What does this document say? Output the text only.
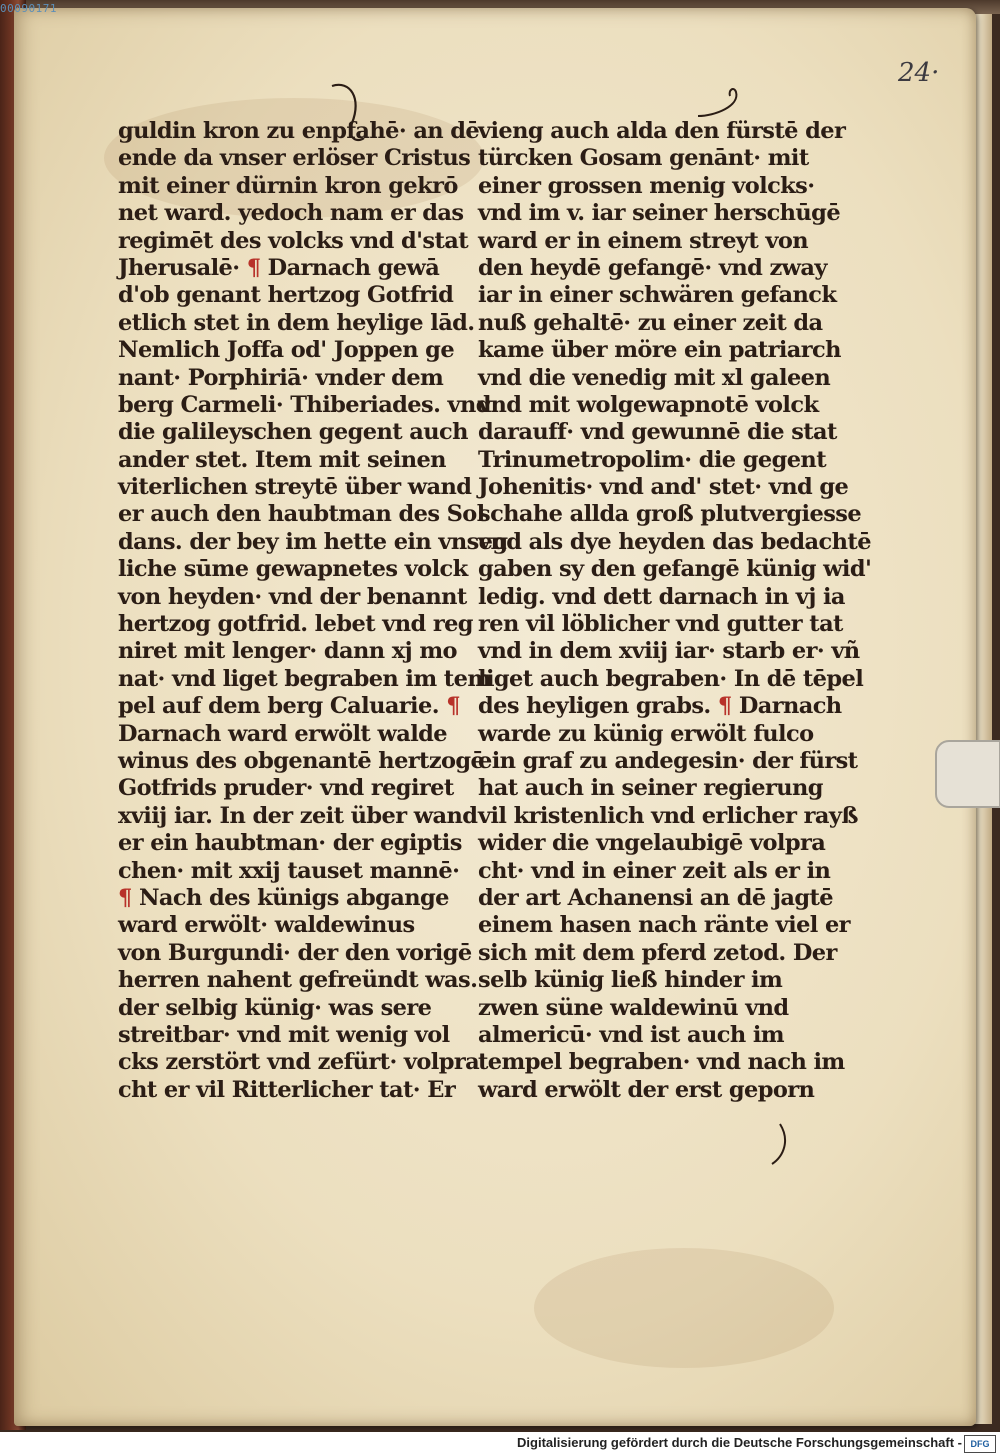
00090171
24·
guldin kron zu enpfahē· an dē
ende da vnser erlöser Cristus
mit einer dürnin kron gekrō
net ward. yedoch nam er das
regimēt des volcks vnd d'stat
Jherusalē· ¶ Darnach gewā
d'ob genant hertzog Gotfrid
etlich stet in dem heylige lād.
Nemlich Joffa od' Joppen ge
nant· Porphiriā· vnder dem
berg Carmeli· Thiberiades. vnd
die galileyschen gegent auch
ander stet. Item mit seinen
viterlichen streytē über wand
er auch den haubtman des Sol
dans. der bey im hette ein vnseg
liche sūme gewapnetes volck
von heyden· vnd der benannt
hertzog gotfrid. lebet vnd reg
niret mit lenger· dann xj mo
nat· vnd liget begraben im tem
pel auf dem berg Caluarie. ¶
Darnach ward erwölt walde
winus des obgenantē hertzogē
Gotfrids pruder· vnd regiret
xviij iar. In der zeit über wand
er ein haubtman· der egiptis
chen· mit xxij tauset mannē·
¶ Nach des künigs abgange
ward erwölt· waldewinus
von Burgundi· der den vorigē
herren nahent gefreündt was.
der selbig künig· was sere
streitbar· vnd mit wenig vol
cks zerstört vnd zefürt· volpra
cht er vil Ritterlicher tat· Er
vieng auch alda den fürstē der
türcken Gosam genānt· mit
einer grossen menig volcks·
vnd im v. iar seiner herschūgē
ward er in einem streyt von
den heydē gefangē· vnd zway
iar in einer schwären gefanck
nuß gehaltē· zu einer zeit da
kame über möre ein patriarch
vnd die venedig mit xl galeen
vnd mit wolgewapnotē volck
darauff· vnd gewunnē die stat
Trinumetropolim· die gegent
Johenitis· vnd and' stet· vnd ge
schahe allda groß plutvergiesse
vnd als dye heyden das bedachtē
gaben sy den gefangē künig wid'
ledig. vnd dett darnach in vj ia
ren vil löblicher vnd gutter tat
vnd in dem xviij iar· starb er· vñ
liget auch begraben· In dē tēpel
des heyligen grabs. ¶ Darnach
warde zu künig erwölt fulco
ein graf zu andegesin· der fürst
hat auch in seiner regierung
vil kristenlich vnd erlicher rayß
wider die vngelaubigē volpra
cht· vnd in einer zeit als er in
der art Achanensi an dē jagtē
einem hasen nach ränte viel er
sich mit dem pferd zetod. Der
selb künig ließ hinder im
zwen süne waldewinū vnd
almericū· vnd ist auch im
tempel begraben· vnd nach im
ward erwölt der erst geporn
Digitalisierung gefördert durch die Deutsche Forschungsgemeinschaft - DFG
